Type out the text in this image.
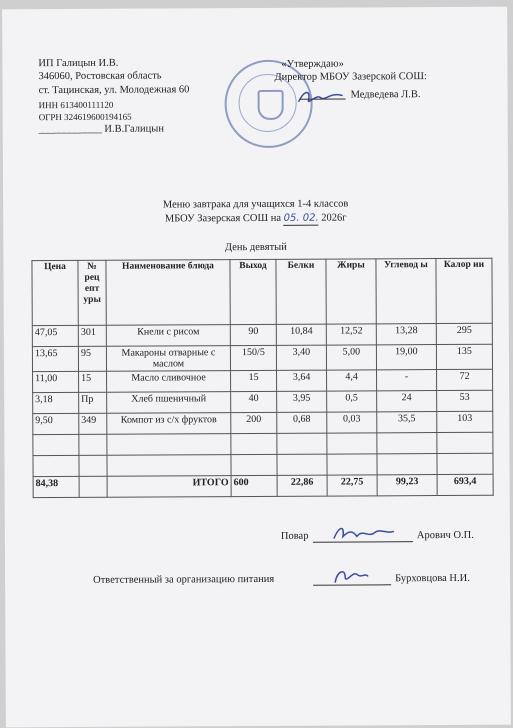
ИП Галицын И.В.
346060, Ростовская область
ст. Тацинская, ул. Молодежная 60
ИНН 613400111120
ОГРН 324619600194165
____________ И.В.Галицын
«Утверждаю»
Директор МБОУ Зазерской СОШ:
Медведева Л.В.
Меню завтрака для учащихся 1-4 классов
МБОУ Зазерская СОШ на 05. 02. 2026г
День девятый
Цена	№ рец епт уры	Наименование блюда	Выход	Белки	Жиры	Углевод ы	Калор ии
47,05	301	Кнели с рисом	90	10,84	12,52	13,28	295
13,65	95	Макароны отварные с маслом	150/5	3,40	5,00	19,00	135
11,00	15	Масло сливочное	15	3,64	4,4	-	72
3,18	Пр	Хлеб пшеничный	40	3,95	0,5	24	53
9,50	349	Компот из с/х фруктов	200	0,68	0,03	35,5	103

84,38		ИТОГО	600	22,86	22,75	99,23	693,4
Повар	Арович О.П.
Ответственный за организацию питания	Бурховцова Н.И.
